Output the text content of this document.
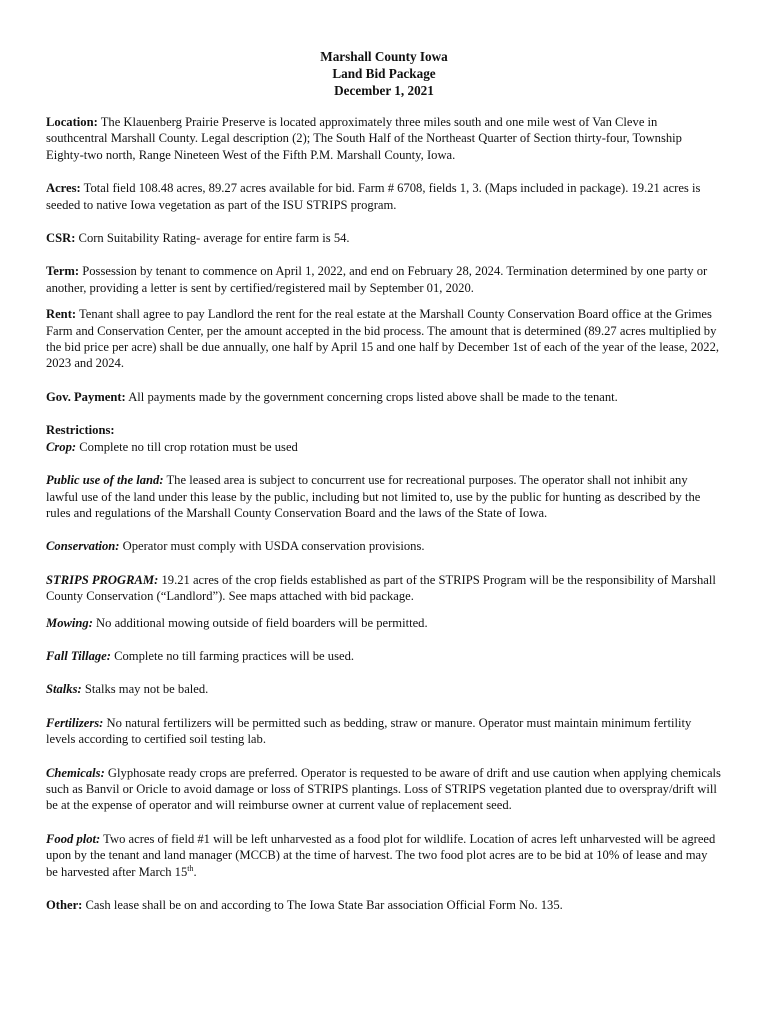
Marshall County Iowa
Land Bid Package
December 1, 2021

Location: The Klauenberg Prairie Preserve is located approximately three miles south and one mile west of Van Cleve in southcentral Marshall County. Legal description (2); The South Half of the Northeast Quarter of Section thirty-four, Township Eighty-two north, Range Nineteen West of the Fifth P.M. Marshall County, Iowa.

Acres: Total field 108.48 acres, 89.27 acres available for bid. Farm # 6708, fields 1, 3. (Maps included in package). 19.21 acres is seeded to native Iowa vegetation as part of the ISU STRIPS program.

CSR: Corn Suitability Rating- average for entire farm is 54.

Term: Possession by tenant to commence on April 1, 2022, and end on February 28, 2024. Termination determined by one party or another, providing a letter is sent by certified/registered mail by September 01, 2020.

Rent: Tenant shall agree to pay Landlord the rent for the real estate at the Marshall County Conservation Board office at the Grimes Farm and Conservation Center, per the amount accepted in the bid process. The amount that is determined (89.27 acres multiplied by the bid price per acre) shall be due annually, one half by April 15 and one half by December 1st of each of the year of the lease, 2022, 2023 and 2024.

Gov. Payment: All payments made by the government concerning crops listed above shall be made to the tenant.

Restrictions:
Crop: Complete no till crop rotation must be used

Public use of the land: The leased area is subject to concurrent use for recreational purposes. The operator shall not inhibit any lawful use of the land under this lease by the public, including but not limited to, use by the public for hunting as described by the rules and regulations of the Marshall County Conservation Board and the laws of the State of Iowa.

Conservation: Operator must comply with USDA conservation provisions.

STRIPS PROGRAM: 19.21 acres of the crop fields established as part of the STRIPS Program will be the responsibility of Marshall County Conservation (“Landlord”). See maps attached with bid package.

Mowing: No additional mowing outside of field boarders will be permitted.

Fall Tillage: Complete no till farming practices will be used.

Stalks: Stalks may not be baled.

Fertilizers: No natural fertilizers will be permitted such as bedding, straw or manure. Operator must maintain minimum fertility levels according to certified soil testing lab.

Chemicals: Glyphosate ready crops are preferred. Operator is requested to be aware of drift and use caution when applying chemicals such as Banvil or Oricle to avoid damage or loss of STRIPS plantings. Loss of STRIPS vegetation planted due to overspray/drift will be at the expense of operator and will reimburse owner at current value of replacement seed.

Food plot: Two acres of field #1 will be left unharvested as a food plot for wildlife. Location of acres left unharvested will be agreed upon by the tenant and land manager (MCCB) at the time of harvest. The two food plot acres are to be bid at 10% of lease and may be harvested after March 15th.

Other: Cash lease shall be on and according to The Iowa State Bar association Official Form No. 135.
